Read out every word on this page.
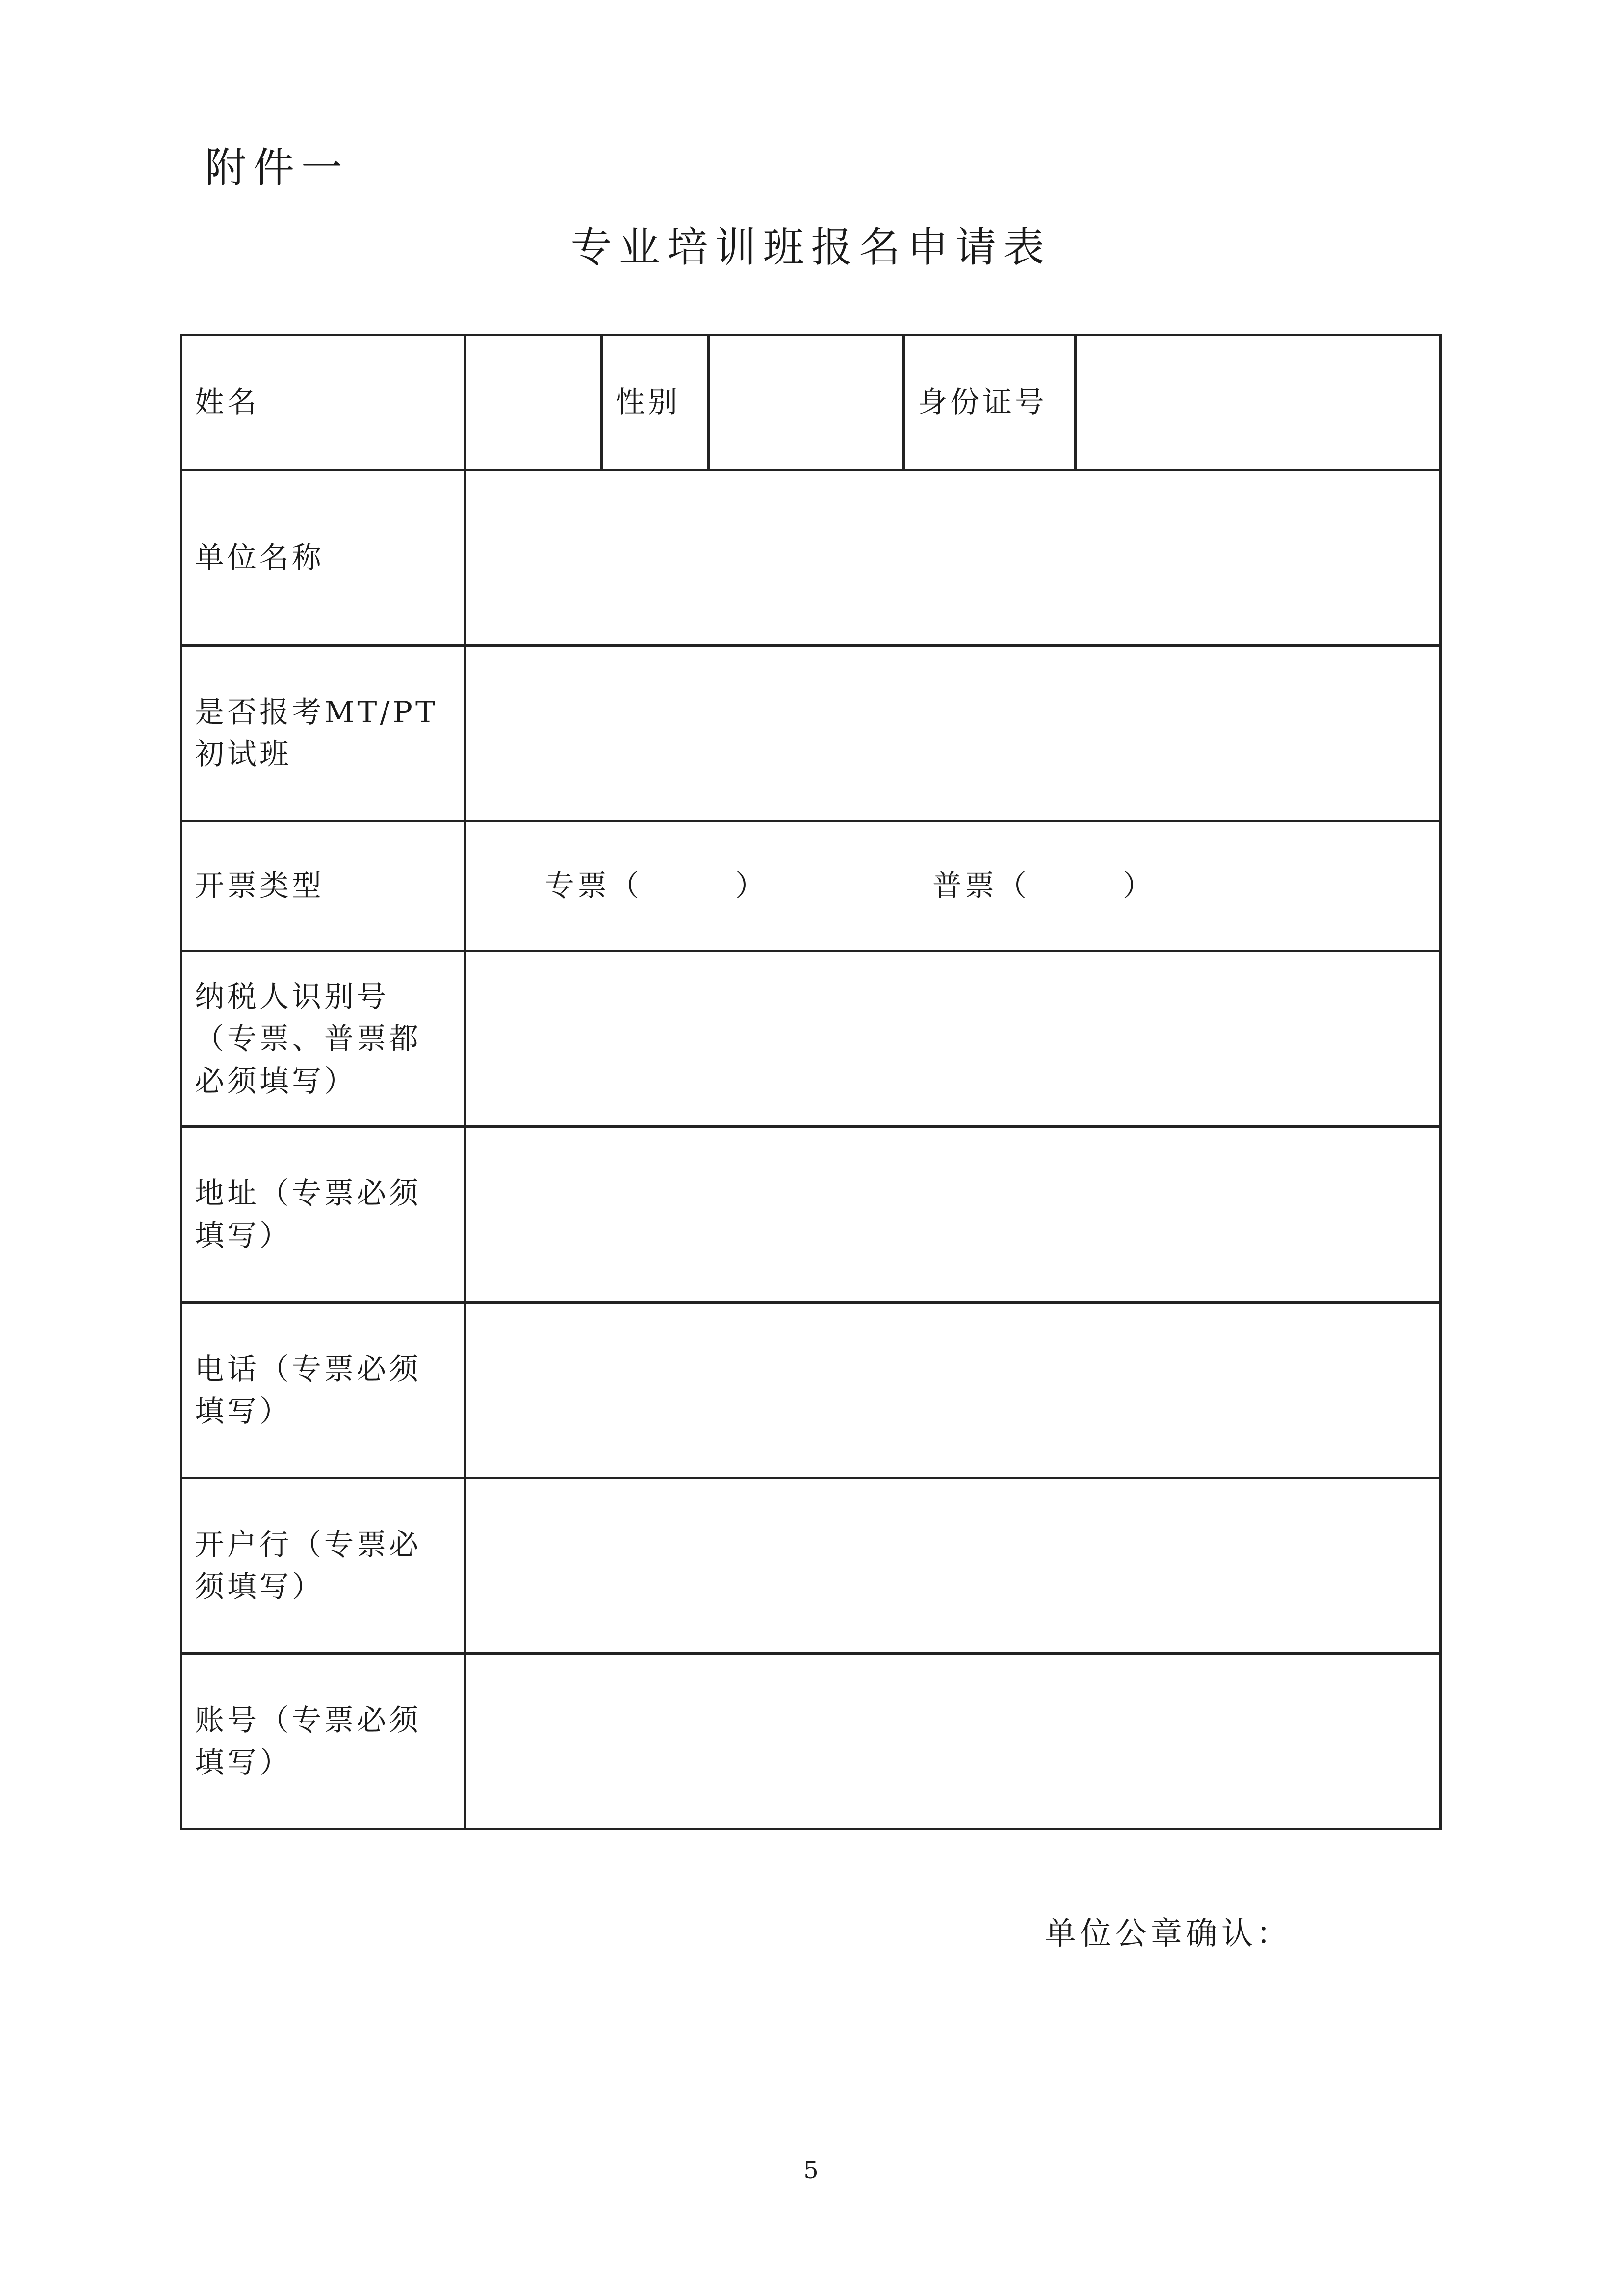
附件一
专业培训班报名申请表
姓名		性别		身份证号	
单位名称					
是否报考MT/PT初试班					
开票类型	专票（ ） 普票（ ）				

纳税人识别号（专票、普票都必须填写）					
地址（专票必须填写）					
电话（专票必须填写）					
开户行（专票必须填写）					
账号（专票必须填写）					
单位公章确认：
5
